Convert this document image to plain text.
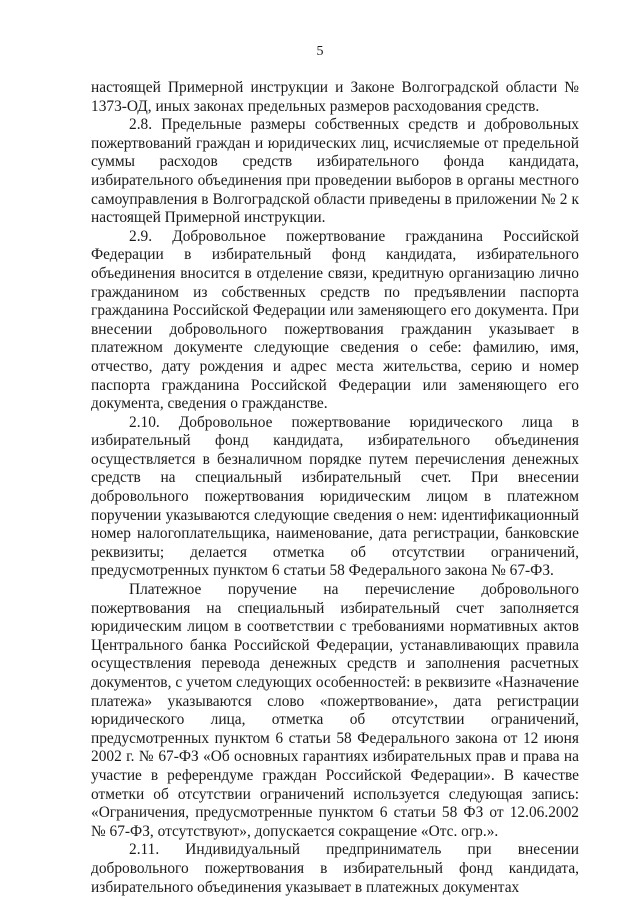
5

настоящей Примерной инструкции и Законе Волгоградской области № 1373-ОД, иных законах предельных размеров расходования средств.

2.8. Предельные размеры собственных средств и добровольных пожертвований граждан и юридических лиц, исчисляемые от предельной суммы расходов средств избирательного фонда кандидата, избирательного объединения при проведении выборов в органы местного самоуправления в Волгоградской области приведены в приложении № 2 к настоящей Примерной инструкции.

2.9. Добровольное пожертвование гражданина Российской Федерации в избирательный фонд кандидата, избирательного объединения вносится в отделение связи, кредитную организацию лично гражданином из собственных средств по предъявлении паспорта гражданина Российской Федерации или заменяющего его документа. При внесении добровольного пожертвования гражданин указывает в платежном документе следующие сведения о себе: фамилию, имя, отчество, дату рождения и адрес места жительства, серию и номер паспорта гражданина Российской Федерации или заменяющего его документа, сведения о гражданстве.

2.10. Добровольное пожертвование юридического лица в избирательный фонд кандидата, избирательного объединения осуществляется в безналичном порядке путем перечисления денежных средств на специальный избирательный счет. При внесении добровольного пожертвования юридическим лицом в платежном поручении указываются следующие сведения о нем: идентификационный номер налогоплательщика, наименование, дата регистрации, банковские реквизиты; делается отметка об отсутствии ограничений, предусмотренных пунктом 6 статьи 58 Федерального закона № 67-ФЗ.

Платежное поручение на перечисление добровольного пожертвования на специальный избирательный счет заполняется юридическим лицом в соответствии с требованиями нормативных актов Центрального банка Российской Федерации, устанавливающих правила осуществления перевода денежных средств и заполнения расчетных документов, с учетом следующих особенностей: в реквизите «Назначение платежа» указываются слово «пожертвование», дата регистрации юридического лица, отметка об отсутствии ограничений, предусмотренных пунктом 6 статьи 58 Федерального закона от 12 июня 2002 г. № 67-ФЗ «Об основных гарантиях избирательных прав и права на участие в референдуме граждан Российской Федерации». В качестве отметки об отсутствии ограничений используется следующая запись: «Ограничения, предусмотренные пунктом 6 статьи 58 ФЗ от 12.06.2002 № 67-ФЗ, отсутствуют», допускается сокращение «Отс. огр.».

2.11. Индивидуальный предприниматель при внесении добровольного пожертвования в избирательный фонд кандидата, избирательного объединения указывает в платежных документах
